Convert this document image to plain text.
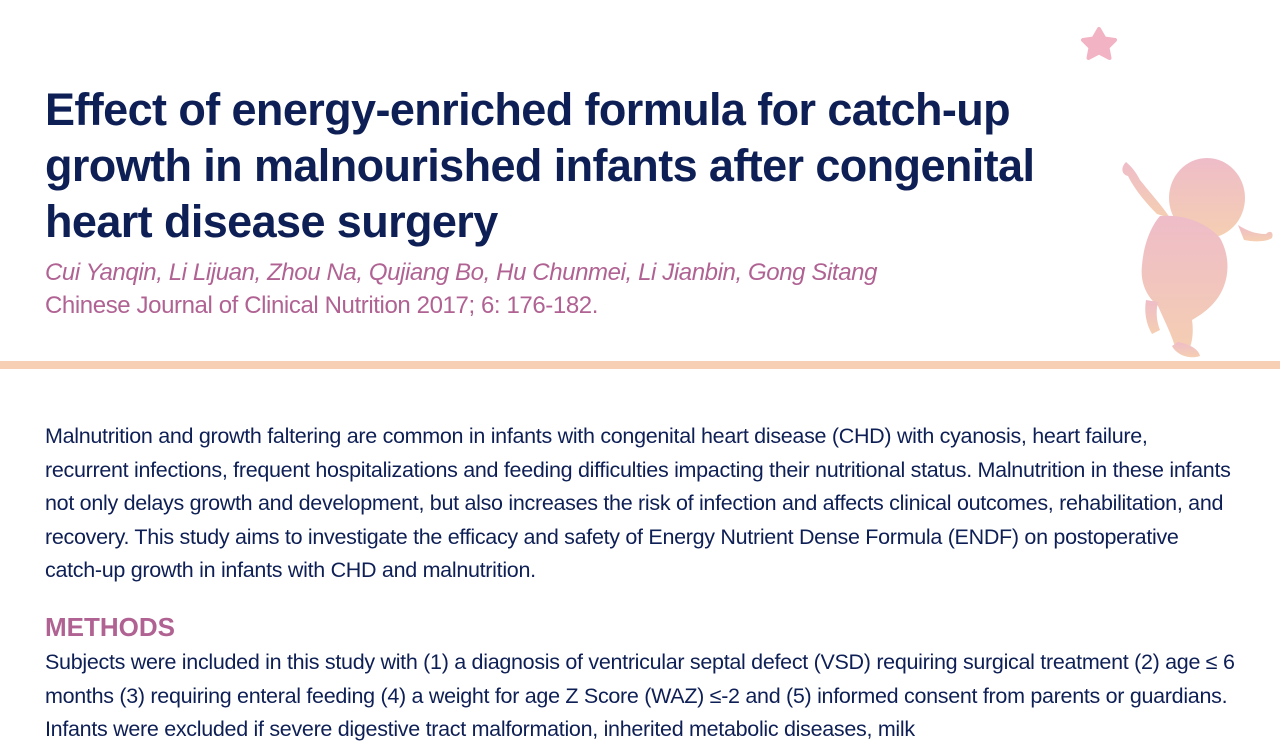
Effect of energy-enriched formula for catch-up growth in malnourished infants after congenital heart disease surgery

Cui Yanqin, Li Lijuan, Zhou Na, Qujiang Bo, Hu Chunmei, Li Jianbin, Gong Sitang

Chinese Journal of Clinical Nutrition 2017; 6: 176-182.

Malnutrition and growth faltering are common in infants with congenital heart disease (CHD) with cyanosis, heart failure, recurrent infections, frequent hospitalizations and feeding difficulties impacting their nutritional status. Malnutrition in these infants not only delays growth and development, but also increases the risk of infection and affects clinical outcomes, rehabilitation, and recovery. This study aims to investigate the efficacy and safety of Energy Nutrient Dense Formula (ENDF) on postoperative catch-up growth in infants with CHD and malnutrition.

METHODS

Subjects were included in this study with (1) a diagnosis of ventricular septal defect (VSD) requiring surgical treatment (2) age ≤ 6 months (3) requiring enteral feeding (4) a weight for age Z Score (WAZ) ≤-2 and (5) informed consent from parents or guardians. Infants were excluded if severe digestive tract malformation, inherited metabolic diseases, milk
